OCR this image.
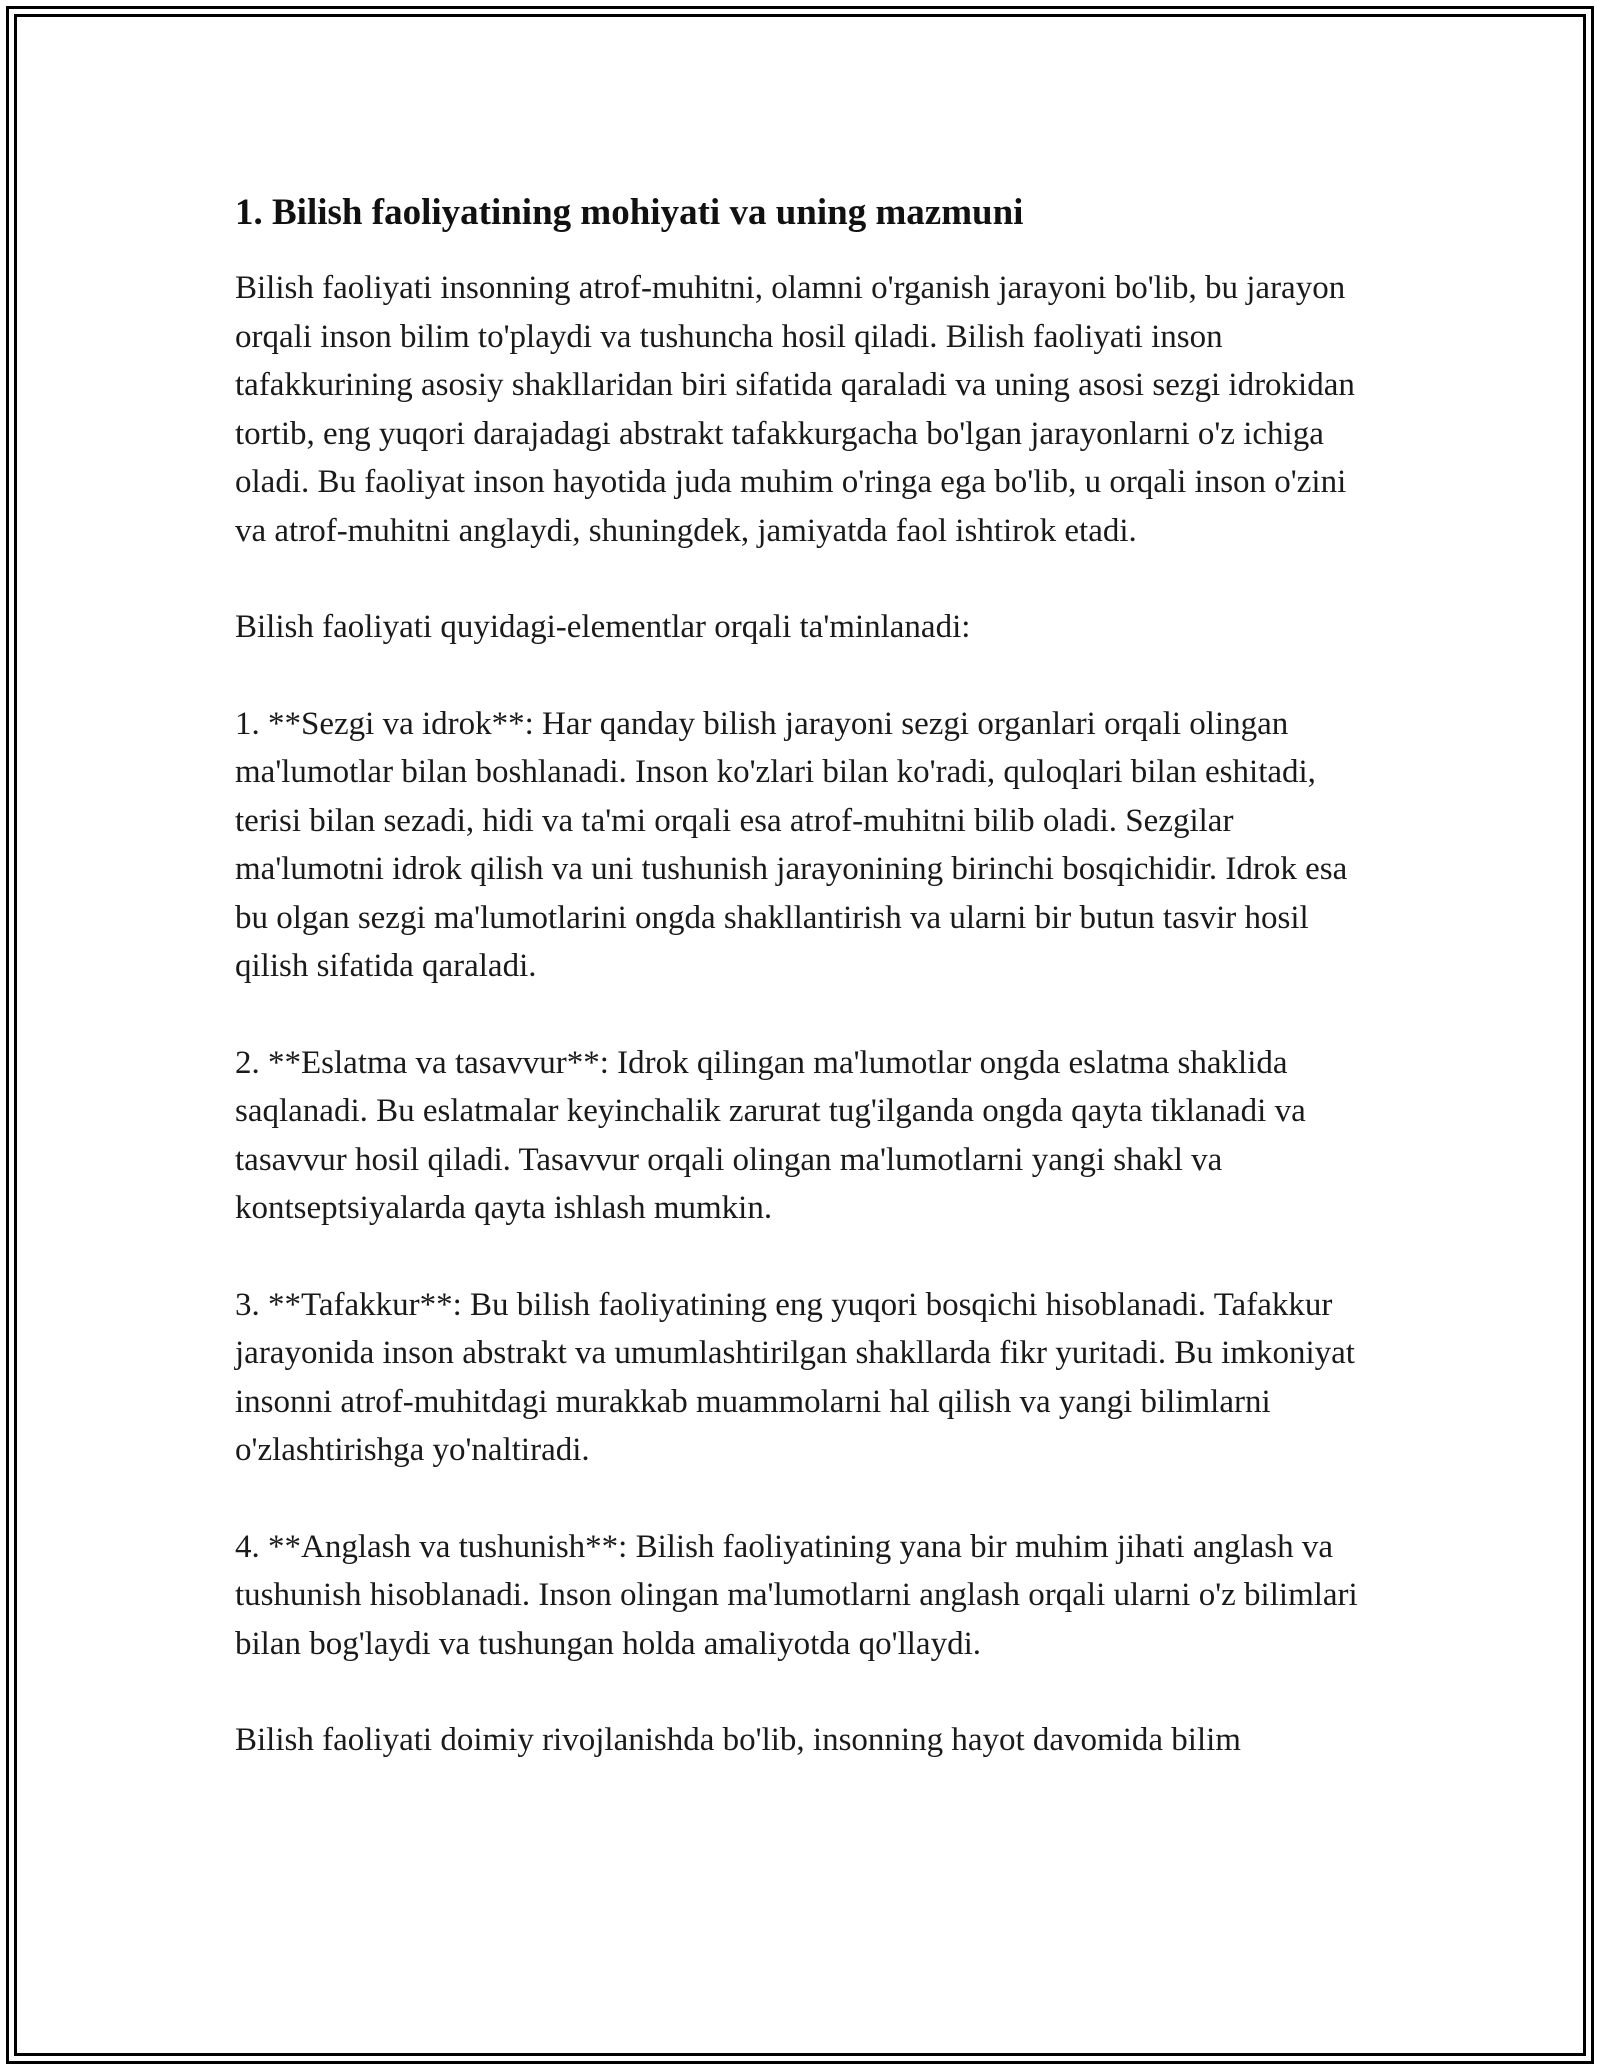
1. Bilish faoliyatining mohiyati va uning mazmuni

Bilish faoliyati insonning atrof-muhitni, olamni o'rganish jarayoni bo'lib, bu jarayon orqali inson bilim to'playdi va tushuncha hosil qiladi. Bilish faoliyati inson tafakkurining asosiy shakllaridan biri sifatida qaraladi va uning asosi sezgi idrokidan tortib, eng yuqori darajadagi abstrakt tafakkurgacha bo'lgan jarayonlarni o'z ichiga oladi. Bu faoliyat inson hayotida juda muhim o'ringa ega bo'lib, u orqali inson o'zini va atrof-muhitni anglaydi, shuningdek, jamiyatda faol ishtirok etadi.

Bilish faoliyati quyidagi-elementlar orqali ta'minlanadi:

1. **Sezgi va idrok**: Har qanday bilish jarayoni sezgi organlari orqali olingan ma'lumotlar bilan boshlanadi. Inson ko'zlari bilan ko'radi, quloqlari bilan eshitadi, terisi bilan sezadi, hidi va ta'mi orqali esa atrof-muhitni bilib oladi. Sezgilar ma'lumotni idrok qilish va uni tushunish jarayonining birinchi bosqichidir. Idrok esa bu olgan sezgi ma'lumotlarini ongda shakllantirish va ularni bir butun tasvir hosil qilish sifatida qaraladi.

2. **Eslatma va tasavvur**: Idrok qilingan ma'lumotlar ongda eslatma shaklida saqlanadi. Bu eslatmalar keyinchalik zarurat tug'ilganda ongda qayta tiklanadi va tasavvur hosil qiladi. Tasavvur orqali olingan ma'lumotlarni yangi shakl va kontseptsiyalarda qayta ishlash mumkin.

3. **Tafakkur**: Bu bilish faoliyatining eng yuqori bosqichi hisoblanadi. Tafakkur jarayonida inson abstrakt va umumlashtirilgan shakllarda fikr yuritadi. Bu imkoniyat insonni atrof-muhitdagi murakkab muammolarni hal qilish va yangi bilimlarni o'zlashtirishga yo'naltiradi.

4. **Anglash va tushunish**: Bilish faoliyatining yana bir muhim jihati anglash va tushunish hisoblanadi. Inson olingan ma'lumotlarni anglash orqali ularni o'z bilimlari bilan bog'laydi va tushungan holda amaliyotda qo'llaydi.

Bilish faoliyati doimiy rivojlanishda bo'lib, insonning hayot davomida bilim
